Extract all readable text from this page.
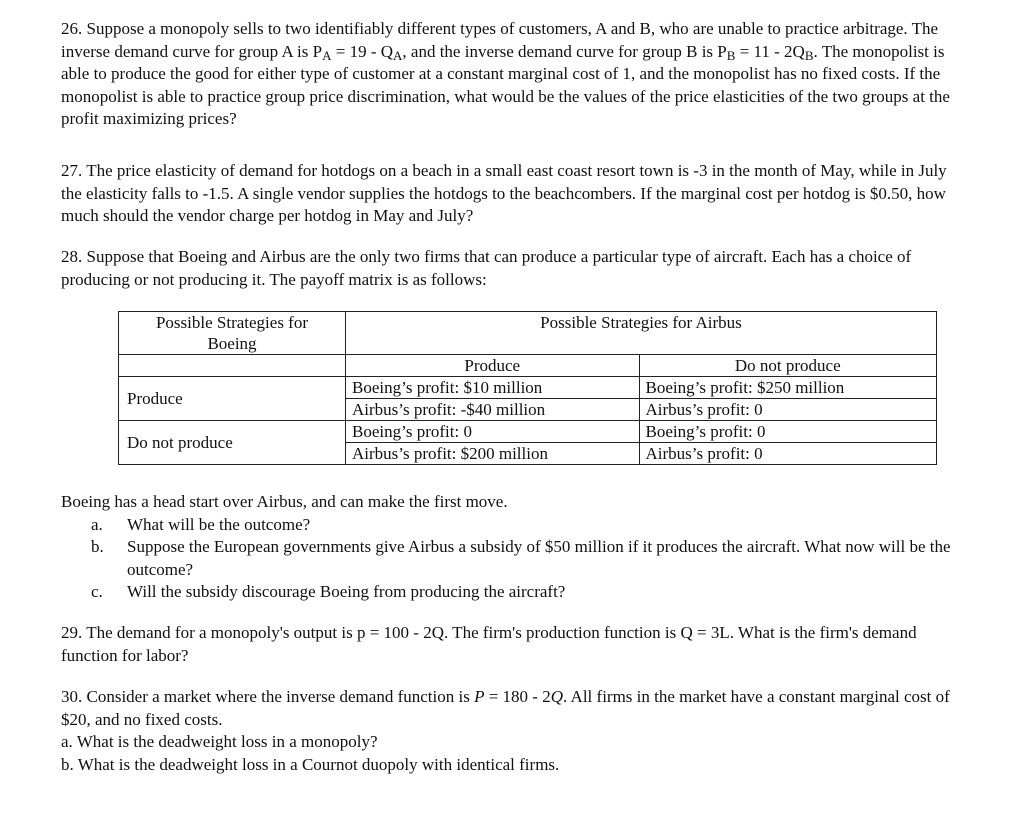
26. Suppose a monopoly sells to two identifiably different types of customers, A and B, who are unable to practice arbitrage. The inverse demand curve for group A is $P_A = 19 - Q_A$, and the inverse demand curve for group B is $P_B = 11 - 2Q_B$. The monopolist is able to produce the good for either type of customer at a constant marginal cost of 1, and the monopolist has no fixed costs. If the monopolist is able to practice group price discrimination, what would be the values of the price elasticities of the two groups at the profit maximizing prices?
27. The price elasticity of demand for hotdogs on a beach in a small east coast resort town is -3 in the month of May, while in July the elasticity falls to -1.5. A single vendor supplies the hotdogs to the beachcombers. If the marginal cost per hotdog is $0.50, how much should the vendor charge per hotdog in May and July?
28. Suppose that Boeing and Airbus are the only two firms that can produce a particular type of aircraft. Each has a choice of producing or not producing it. The payoff matrix is as follows:
Possible Strategies for
Boeing	Possible Strategies for Airbus	
	Produce	Do not produce
Produce	Boeing’s profit: $10 million	Boeing’s profit: $250 million
	Airbus’s profit: -$40 million	Airbus’s profit: 0
Do not produce	Boeing’s profit: 0	Boeing’s profit: 0
	Airbus’s profit: $200 million	Airbus’s profit: 0
Boeing has a head start over Airbus, and can make the first move.
a. What will be the outcome?
b. Suppose the European governments give Airbus a subsidy of $50 million if it produces the aircraft. What now will be the outcome?
c. Will the subsidy discourage Boeing from producing the aircraft?
29. The demand for a monopoly's output is p = 100 - 2Q. The firm's production function is Q = 3L. What is the firm's demand function for labor?
30. Consider a market where the inverse demand function is P = 180 - 2Q. All firms in the market have a constant marginal cost of $20, and no fixed costs.
a. What is the deadweight loss in a monopoly?
b. What is the deadweight loss in a Cournot duopoly with identical firms.
